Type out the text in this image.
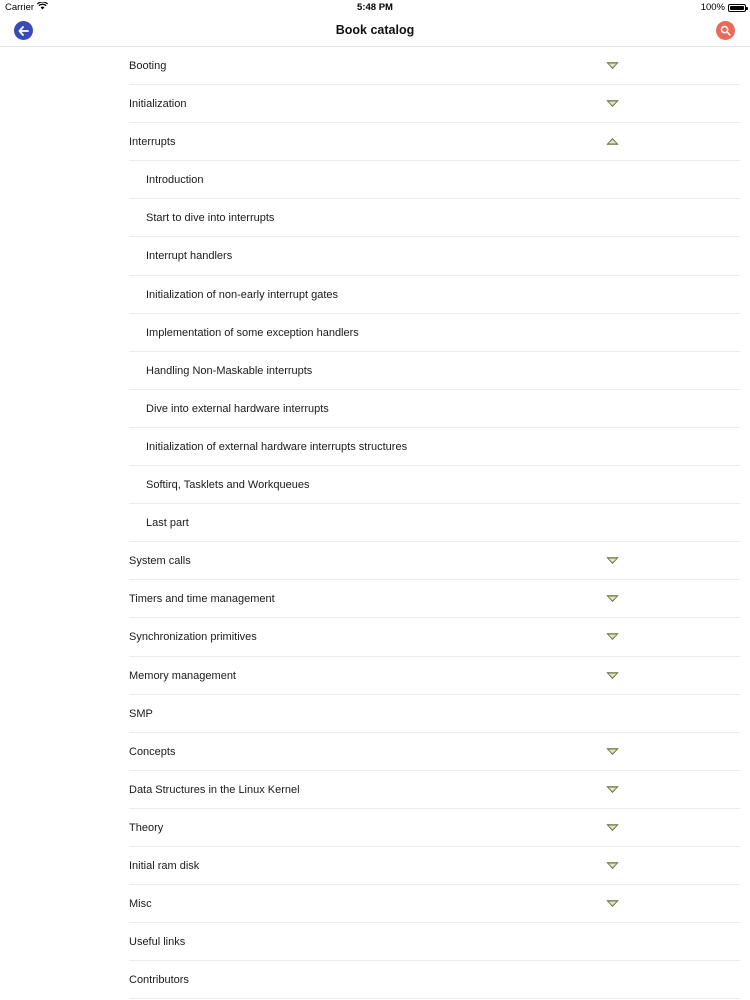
Carrier	5:48 PM	100%
Book catalog
Booting
Initialization
Interrupts
Introduction
Start to dive into interrupts
Interrupt handlers
Initialization of non-early interrupt gates
Implementation of some exception handlers
Handling Non-Maskable interrupts
Dive into external hardware interrupts
Initialization of external hardware interrupts structures
Softirq, Tasklets and Workqueues
Last part
System calls
Timers and time management
Synchronization primitives
Memory management
SMP
Concepts
Data Structures in the Linux Kernel
Theory
Initial ram disk
Misc
Useful links
Contributors
